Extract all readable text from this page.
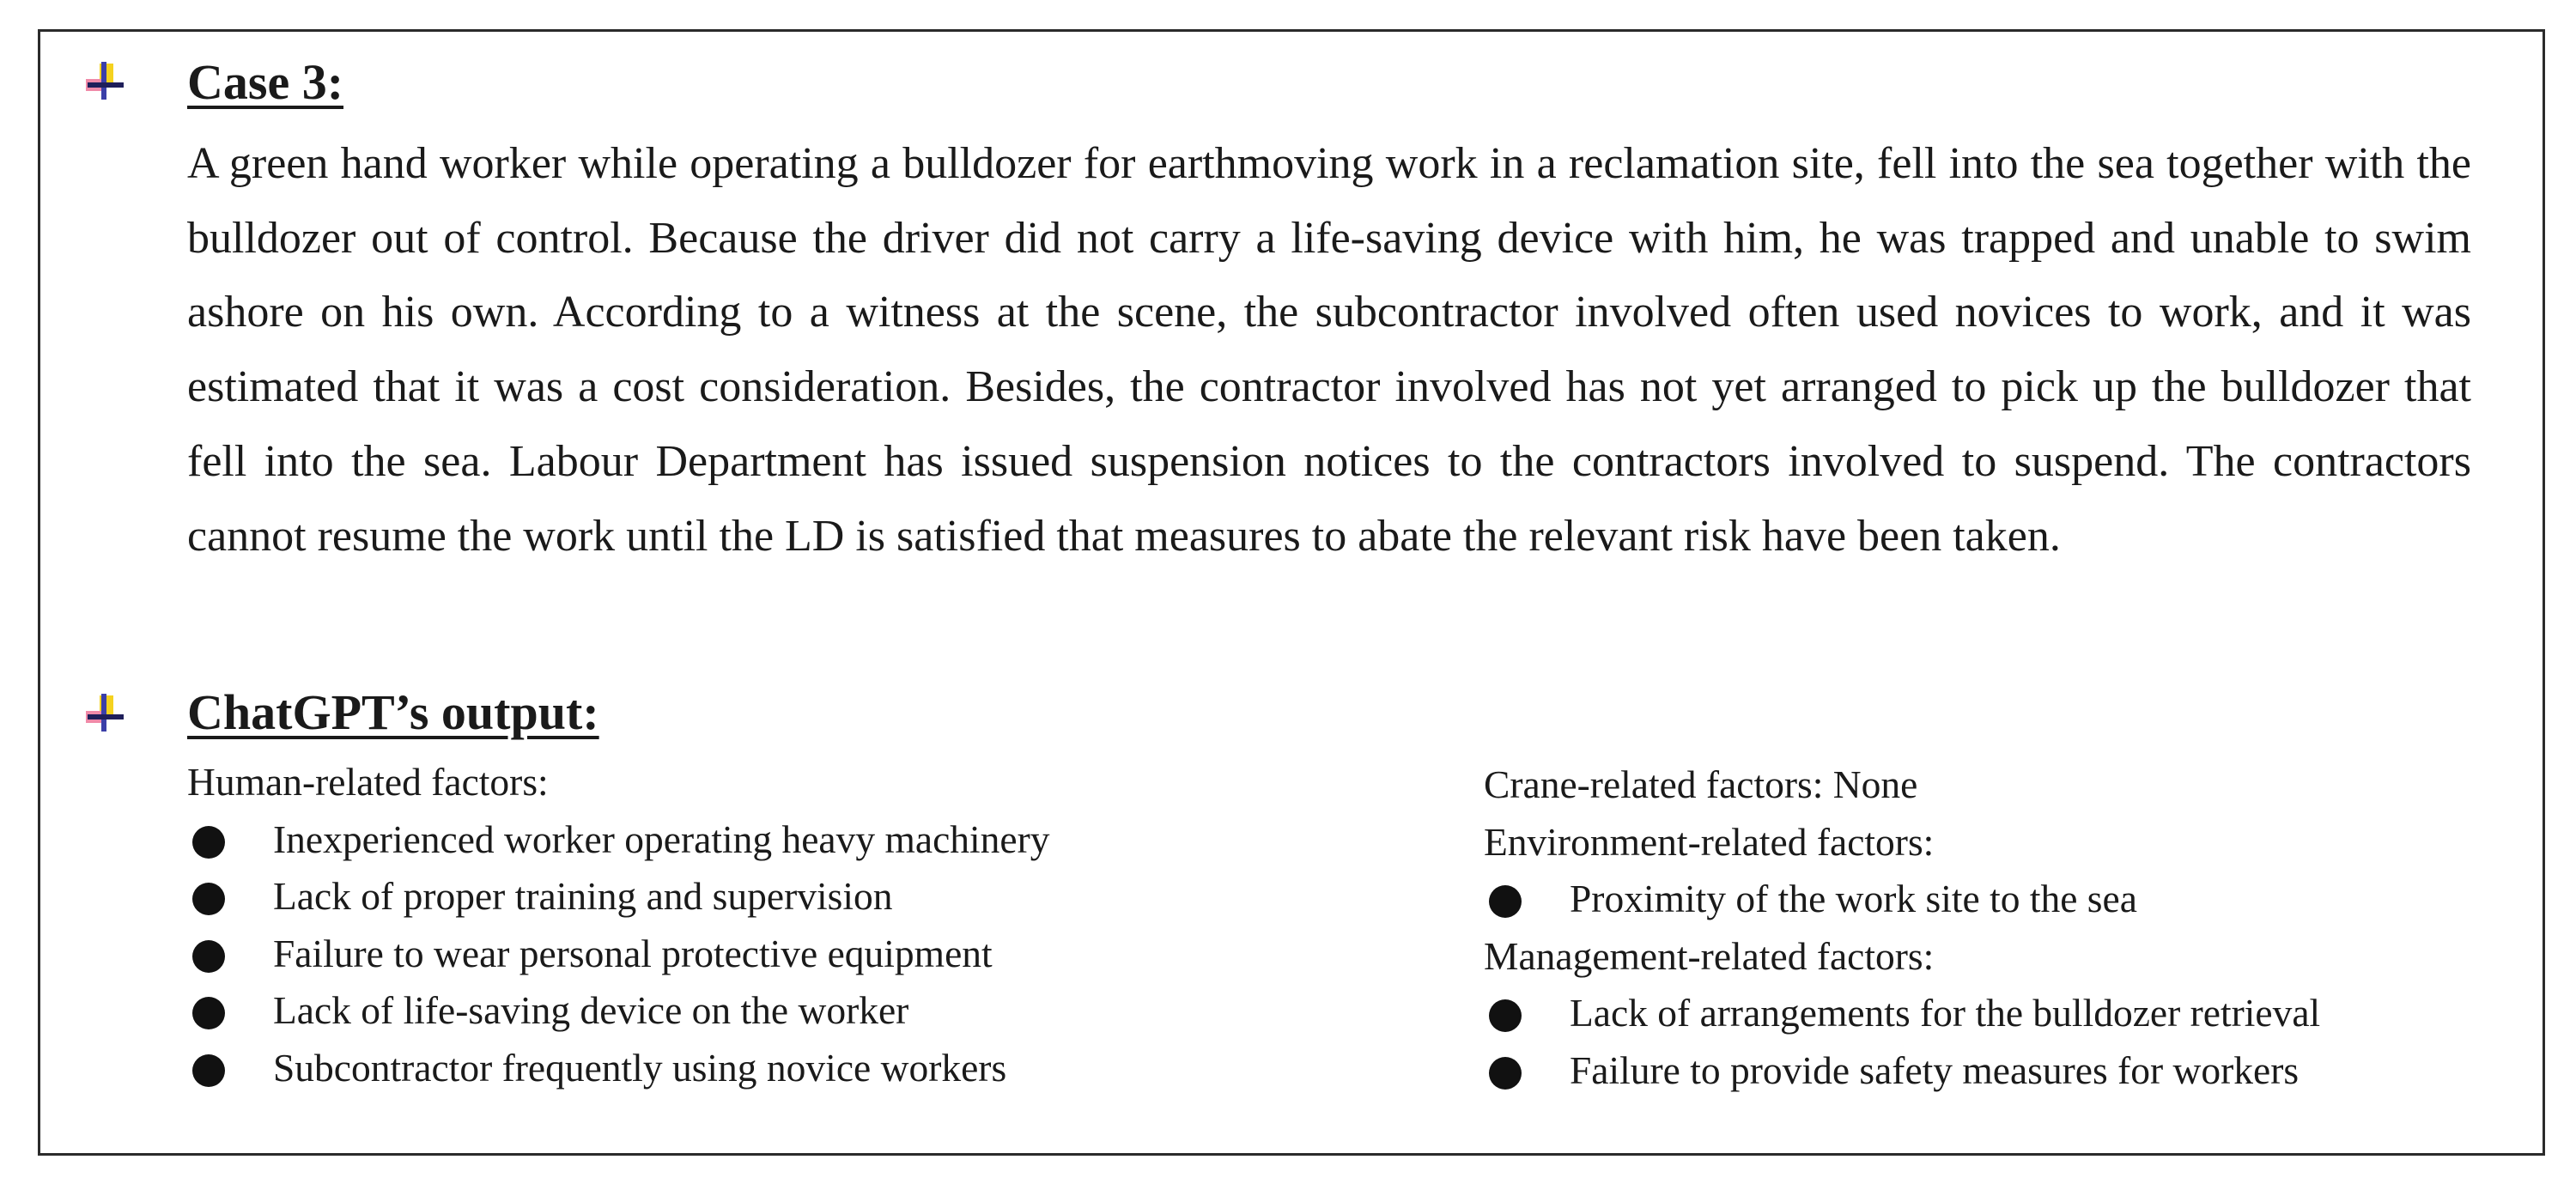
Case 3:
A green hand worker while operating a bulldozer for earthmoving work in a reclamation site, fell into the sea together with the bulldozer out of control. Because the driver did not carry a life-saving device with him, he was trapped and unable to swim ashore on his own. According to a witness at the scene, the subcontractor involved often used novices to work, and it was estimated that it was a cost consideration. Besides, the contractor involved has not yet arranged to pick up the bulldozer that fell into the sea. Labour Department has issued suspension notices to the contractors involved to suspend. The contractors cannot resume the work until the LD is satisfied that measures to abate the relevant risk have been taken.
ChatGPT’s output:
Human-related factors:
Inexperienced worker operating heavy machinery
Lack of proper training and supervision
Failure to wear personal protective equipment
Lack of life-saving device on the worker
Subcontractor frequently using novice workers
Crane-related factors: None
Environment-related factors:
Proximity of the work site to the sea
Management-related factors:
Lack of arrangements for the bulldozer retrieval
Failure to provide safety measures for workers
